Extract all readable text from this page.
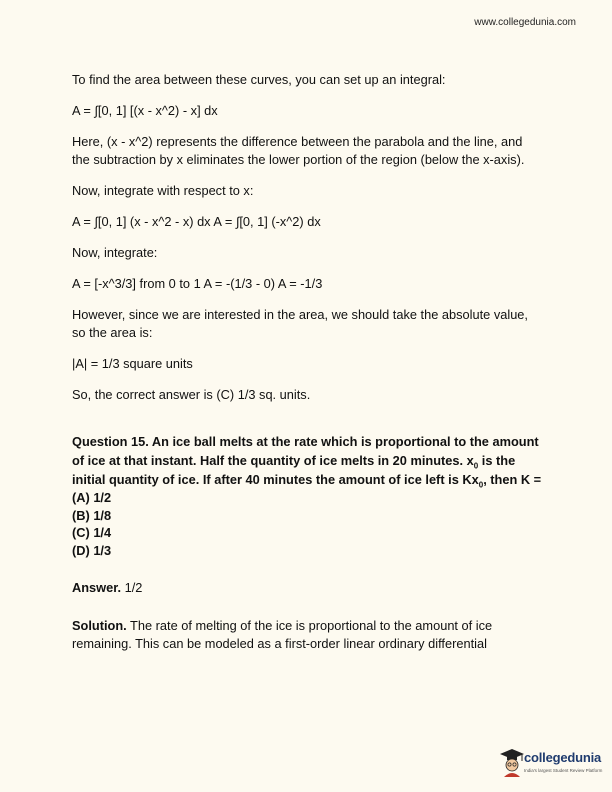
www.collegedunia.com

To find the area between these curves, you can set up an integral:

A = ∫[0, 1] [(x - x^2) - x] dx

Here, (x - x^2) represents the difference between the parabola and the line, and the subtraction by x eliminates the lower portion of the region (below the x-axis).

Now, integrate with respect to x:

A = ∫[0, 1] (x - x^2 - x) dx A = ∫[0, 1] (-x^2) dx

Now, integrate:

A = [-x^3/3] from 0 to 1 A = -(1/3 - 0) A = -1/3

However, since we are interested in the area, we should take the absolute value, so the area is:

|A| = 1/3 square units

So, the correct answer is (C) 1/3 sq. units.

Question 15. An ice ball melts at the rate which is proportional to the amount of ice at that instant. Half the quantity of ice melts in 20 minutes. $x_0$ is the initial quantity of ice. If after 40 minutes the amount of ice left is $Kx_0$, then K =

(A) 1/2

(B) 1/8

(C) 1/4

(D) 1/3

Answer. 1/2

Solution. The rate of melting of the ice is proportional to the amount of ice remaining. This can be modeled as a first-order linear ordinary differential

collegedunia
India's largest Student Review Platform
